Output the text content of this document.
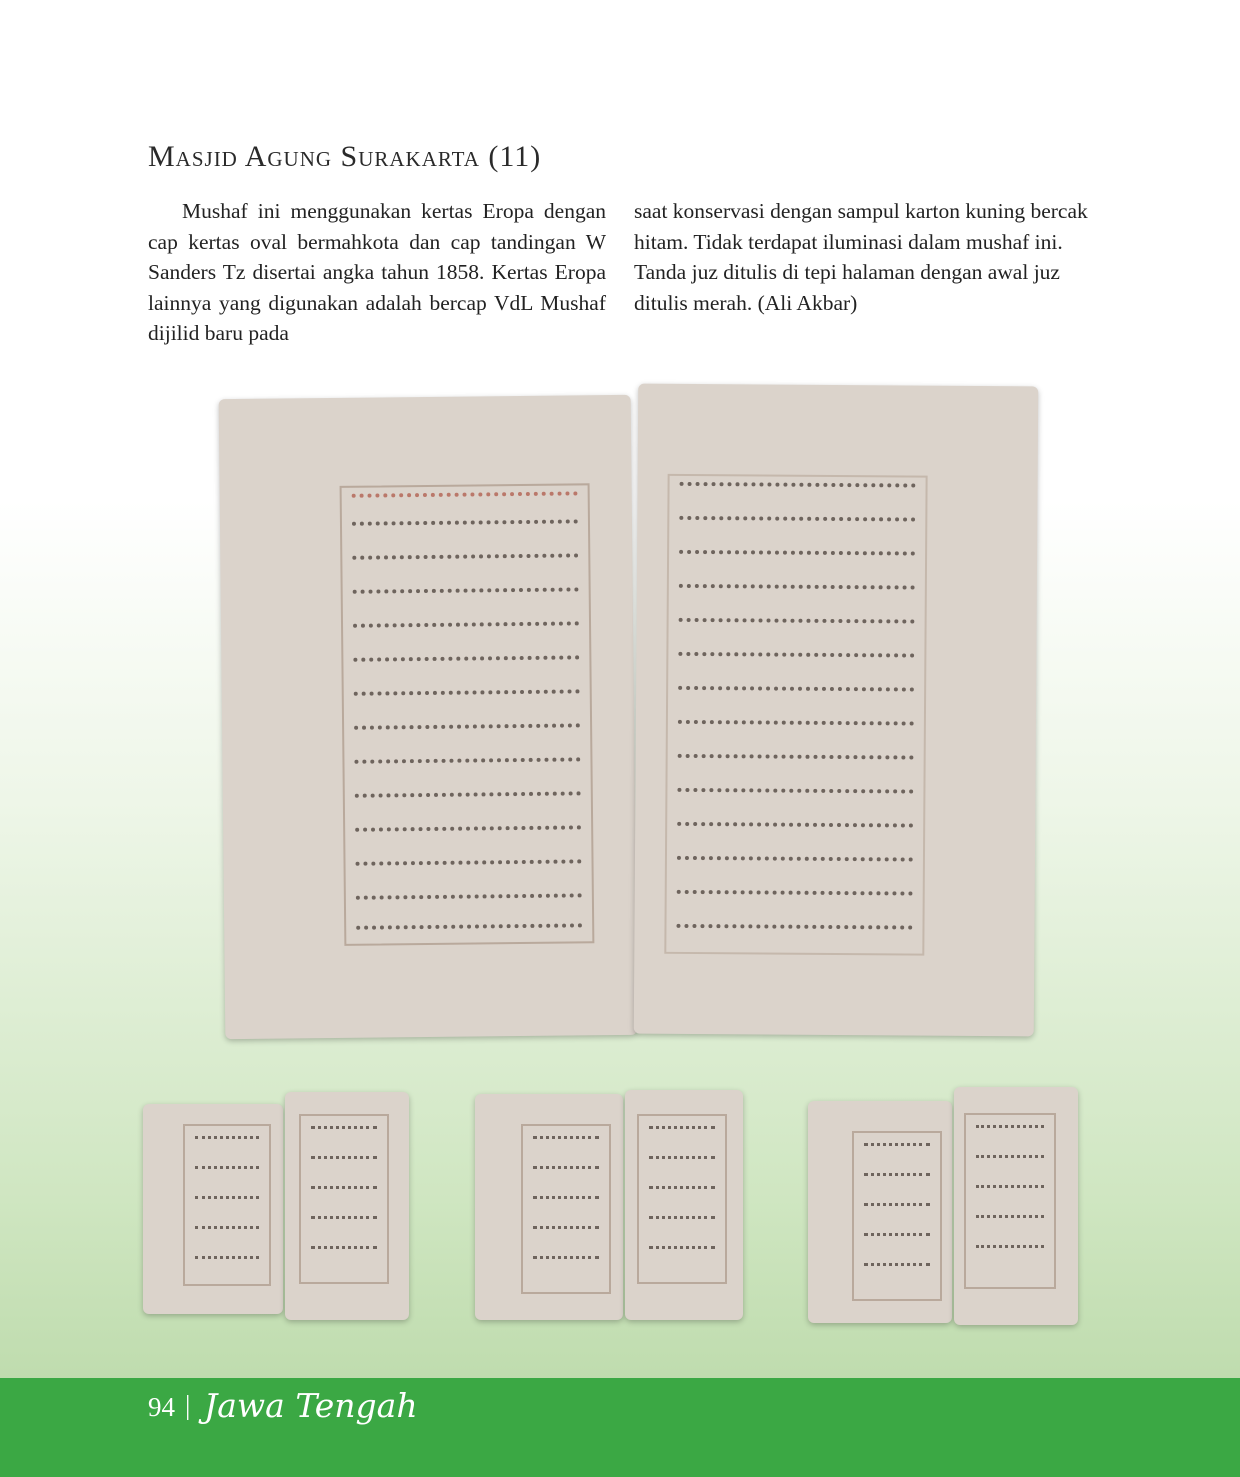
Masjid Agung Surakarta (11)

Mushaf ini menggunakan kertas Eropa dengan cap kertas oval bermahkota dan cap tandingan W Sanders Tz disertai angka tahun 1858. Kertas Eropa lainnya yang digunakan adalah bercap VdL Mushaf dijilid baru pada

saat konservasi dengan sampul karton kuning bercak hitam. Tidak terdapat iluminasi dalam mushaf ini. Tanda juz ditulis di tepi halaman dengan awal juz ditulis merah. (Ali Akbar)

94 | Jawa Tengah
